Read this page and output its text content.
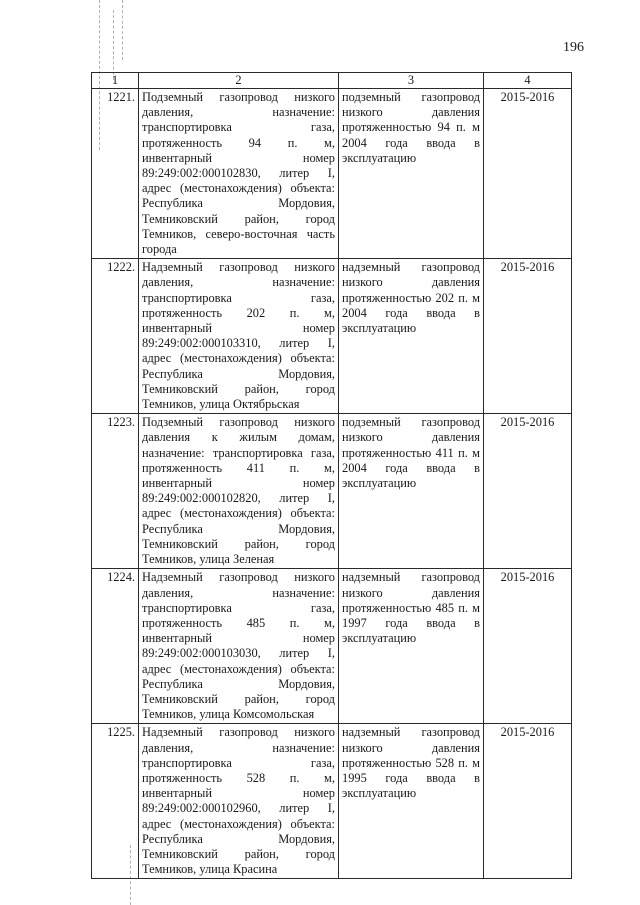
196
1	2	3	4
1221.	Подземный газопровод низкого давления, назначение: транспортировка газа, протяженность 94 п. м, инвентарный номер 89:249:002:000102830, литер I, адрес (местонахождения) объекта: Республика Мордовия, Темниковский район, город Темников, северо-восточная часть города	подземный газопровод низкого давления протяженностью 94 п. м 2004 года ввода в эксплуатацию	2015-2016
1222.	Надземный газопровод низкого давления, назначение: транспортировка газа, протяженность 202 п. м, инвентарный номер 89:249:002:000103310, литер I, адрес (местонахождения) объекта: Республика Мордовия, Темниковский район, город Темников, улица Октябрьская	надземный газопровод низкого давления протяженностью 202 п. м 2004 года ввода в эксплуатацию	2015-2016
1223.	Подземный газопровод низкого давления к жилым домам, назначение: транспортировка газа, протяженность 411 п. м, инвентарный номер 89:249:002:000102820, литер I, адрес (местонахождения) объекта: Республика Мордовия, Темниковский район, город Темников, улица Зеленая	подземный газопровод низкого давления протяженностью 411 п. м 2004 года ввода в эксплуатацию	2015-2016
1224.	Надземный газопровод низкого давления, назначение: транспортировка газа, протяженность 485 п. м, инвентарный номер 89:249:002:000103030, литер I, адрес (местонахождения) объекта: Республика Мордовия, Темниковский район, город Темников, улица Комсомольская	надземный газопровод низкого давления протяженностью 485 п. м 1997 года ввода в эксплуатацию	2015-2016
1225.	Надземный газопровод низкого давления, назначение: транспортировка газа, протяженность 528 п. м, инвентарный номер 89:249:002:000102960, литер I, адрес (местонахождения) объекта: Республика Мордовия, Темниковский район, город Темников, улица Красина	надземный газопровод низкого давления протяженностью 528 п. м 1995 года ввода в эксплуатацию	2015-2016
